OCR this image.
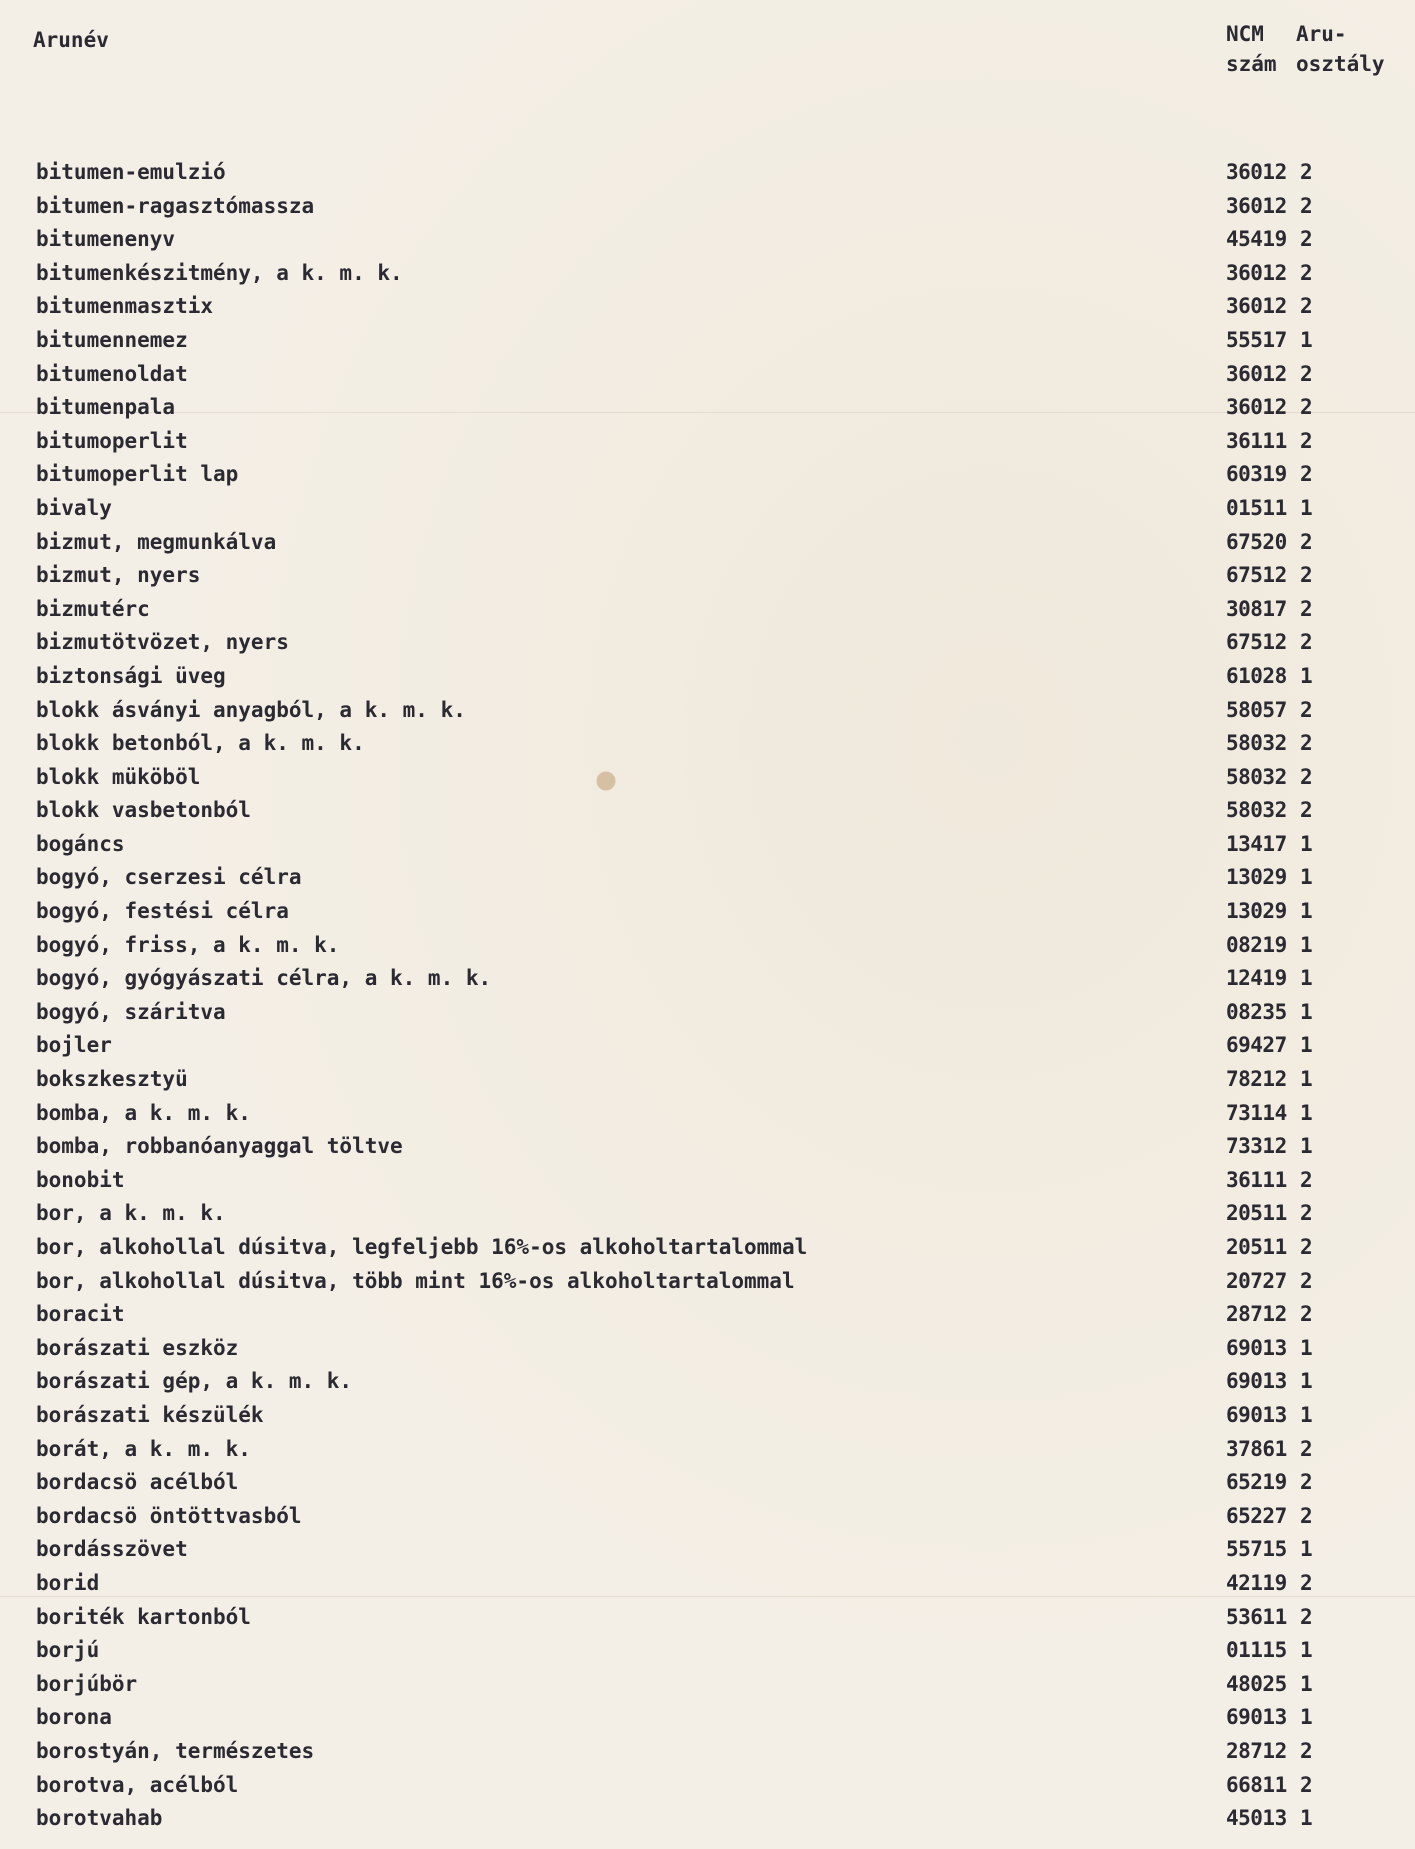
Arunév	NCM
szám
Aru-
osztály
bitumen-emulzió	36012 2
bitumen-ragasztómassza	36012 2
bitumenenyv	45419 2
bitumenkészitmény, a k. m. k.	36012 2
bitumenmasztix	36012 2
bitumennemez	55517 1
bitumenoldat	36012 2
bitumenpala	36012 2
bitumoperlit	36111 2
bitumoperlit lap	60319 2
bivaly	01511 1
bizmut, megmunkálva	67520 2
bizmut, nyers	67512 2
bizmutérc	30817 2
bizmutötvözet, nyers	67512 2
biztonsági üveg	61028 1
blokk ásványi anyagból, a k. m. k.	58057 2
blokk betonból, a k. m. k.	58032 2
blokk müköböl	58032 2
blokk vasbetonból	58032 2
bogáncs	13417 1
bogyó, cserzesi célra	13029 1
bogyó, festési célra	13029 1
bogyó, friss, a k. m. k.	08219 1
bogyó, gyógyászati célra, a k. m. k.	12419 1
bogyó, száritva	08235 1
bojler	69427 1
bokszkesztyü	78212 1
bomba, a k. m. k.	73114 1
bomba, robbanóanyaggal töltve	73312 1
bonobit	36111 2
bor, a k. m. k.	20511 2
bor, alkohollal dúsitva, legfeljebb 16%-os alkoholtartalommal	20511 2
bor, alkohollal dúsitva, több mint 16%-os alkoholtartalommal	20727 2
boracit	28712 2
borászati eszköz	69013 1
borászati gép, a k. m. k.	69013 1
borászati készülék	69013 1
borát, a k. m. k.	37861 2
bordacsö acélból	65219 2
bordacsö öntöttvasból	65227 2
bordásszövet	55715 1
borid	42119 2
boriték kartonból	53611 2
borjú	01115 1
borjúbör	48025 1
borona	69013 1
borostyán, természetes	28712 2
borotva, acélból	66811 2
borotvahab	45013 1
